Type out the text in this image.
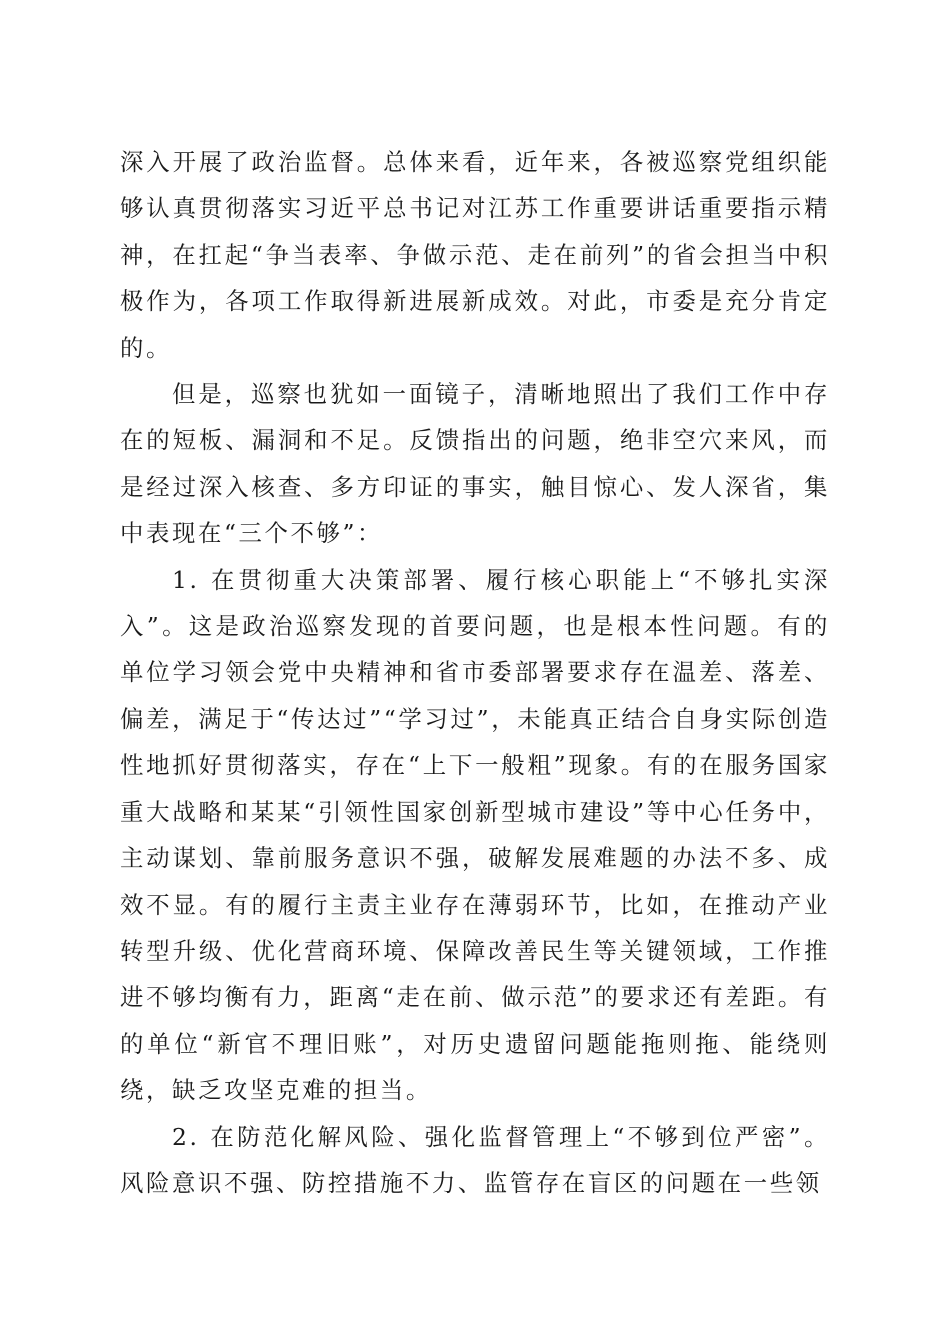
深入开展了政治监督。总体来看，近年来，各被巡察党组织能够认真贯彻落实习近平总书记对江苏工作重要讲话重要指示精神，在扛起“争当表率、争做示范、走在前列”的省会担当中积极作为，各项工作取得新进展新成效。对此，市委是充分肯定的。

但是，巡察也犹如一面镜子，清晰地照出了我们工作中存在的短板、漏洞和不足。反馈指出的问题，绝非空穴来风，而是经过深入核查、多方印证的事实，触目惊心、发人深省，集中表现在“三个不够”：

1. 在贯彻重大决策部署、履行核心职能上“不够扎实深入”。这是政治巡察发现的首要问题，也是根本性问题。有的单位学习领会党中央精神和省市委部署要求存在温差、落差、偏差，满足于“传达过”“学习过”，未能真正结合自身实际创造性地抓好贯彻落实，存在“上下一般粗”现象。有的在服务国家重大战略和某某“引领性国家创新型城市建设”等中心任务中，主动谋划、靠前服务意识不强，破解发展难题的办法不多、成效不显。有的履行主责主业存在薄弱环节，比如，在推动产业转型升级、优化营商环境、保障改善民生等关键领域，工作推进不够均衡有力，距离“走在前、做示范”的要求还有差距。有的单位“新官不理旧账”，对历史遗留问题能拖则拖、能绕则绕，缺乏攻坚克难的担当。

2. 在防范化解风险、强化监督管理上“不够到位严密”。风险意识不强、防控措施不力、监管存在盲区的问题在一些领
